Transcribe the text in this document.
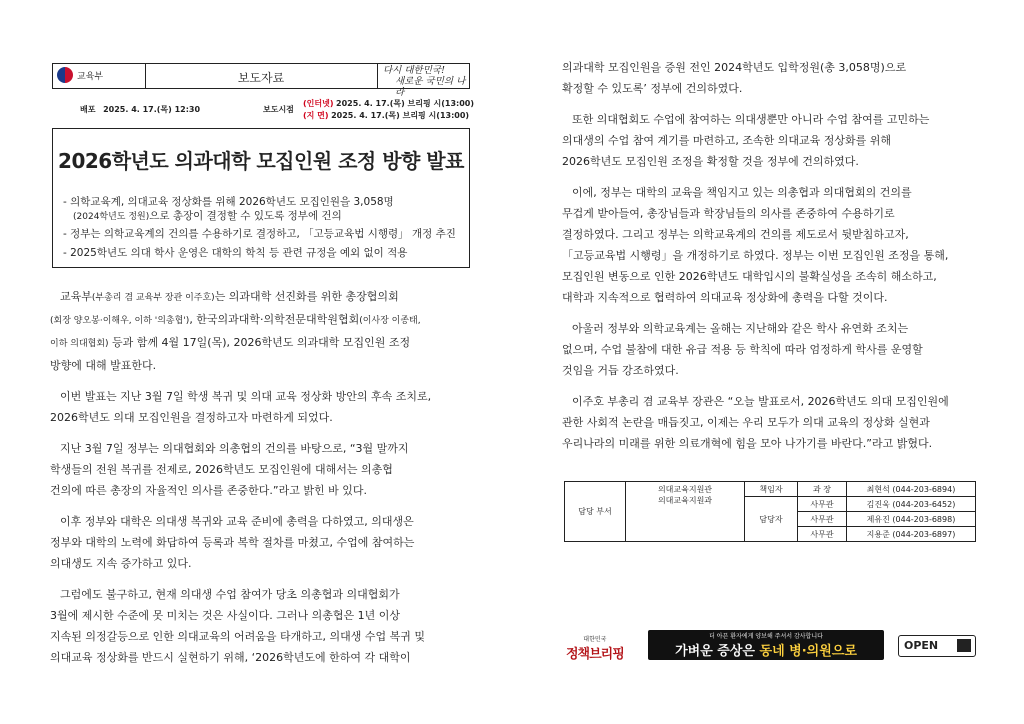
교육부	보도자료
다시 대한민국!
새로운 국민의 나라
배포 2025. 4. 17.(목) 12:30	보도시점
(인터넷) 2025. 4. 17.(목) 브리핑 시(13:00)
(지 면) 2025. 4. 17.(목) 브리핑 시(13:00)
2026학년도 의과대학 모집인원 조정 방향 발표
- 의학교육계, 의대교육 정상화를 위해 2026학년도 모집인원을 3,058명
(2024학년도 정원)으로 총장이 결정할 수 있도록 정부에 건의
- 정부는 의학교육계의 건의를 수용하기로 결정하고, 「고등교육법 시행령」 개정 추진
- 2025학년도 의대 학사 운영은 대학의 학칙 등 관련 규정을 예외 없이 적용
교육부(부총리 겸 교육부 장관 이주호)는 의과대학 선진화를 위한 총장협의회
(회장 양오봉·이해우, 이하 '의총협'), 한국의과대학·의학전문대학원협회(이사장 이종태,
이하 의대협회) 등과 함께 4월 17일(목), 2026학년도 의과대학 모집인원 조정
방향에 대해 발표한다.
이번 발표는 지난 3월 7일 학생 복귀 및 의대 교육 정상화 방안의 후속 조치로,
2026학년도 의대 모집인원을 결정하고자 마련하게 되었다.
지난 3월 7일 정부는 의대협회와 의총협의 건의를 바탕으로, “3월 말까지
학생들의 전원 복귀를 전제로, 2026학년도 모집인원에 대해서는 의총협
건의에 따른 총장의 자율적인 의사를 존중한다.”라고 밝힌 바 있다.
이후 정부와 대학은 의대생 복귀와 교육 준비에 총력을 다하였고, 의대생은
정부와 대학의 노력에 화답하여 등록과 복학 절차를 마쳤고, 수업에 참여하는
의대생도 지속 증가하고 있다.
그럼에도 불구하고, 현재 의대생 수업 참여가 당초 의총협과 의대협회가
3월에 제시한 수준에 못 미치는 것은 사실이다. 그러나 의총협은 1년 이상
지속된 의정갈등으로 인한 의대교육의 어려움을 타개하고, 의대생 수업 복귀 및
의대교육 정상화를 반드시 실현하기 위해, ‘2026학년도에 한하여 각 대학이
의과대학 모집인원을 증원 전인 2024학년도 입학정원(총 3,058명)으로
확정할 수 있도록’ 정부에 건의하였다.
또한 의대협회도 수업에 참여하는 의대생뿐만 아니라 수업 참여를 고민하는
의대생의 수업 참여 계기를 마련하고, 조속한 의대교육 정상화를 위해
2026학년도 모집인원 조정을 확정할 것을 정부에 건의하였다.
이에, 정부는 대학의 교육을 책임지고 있는 의총협과 의대협회의 건의를
무겁게 받아들여, 총장님들과 학장님들의 의사를 존중하여 수용하기로
결정하였다. 그리고 정부는 의학교육계의 건의를 제도로서 뒷받침하고자,
「고등교육법 시행령」을 개정하기로 하였다. 정부는 이번 모집인원 조정을 통해,
모집인원 변동으로 인한 2026학년도 대학입시의 불확실성을 조속히 해소하고,
대학과 지속적으로 협력하여 의대교육 정상화에 총력을 다할 것이다.
아울러 정부와 의학교육계는 올해는 지난해와 같은 학사 유연화 조치는
없으며, 수업 불참에 대한 유급 적용 등 학칙에 따라 엄정하게 학사를 운영할
것임을 거듭 강조하였다.
이주호 부총리 겸 교육부 장관은 “오늘 발표로서, 2026학년도 의대 모집인원에
관한 사회적 논란을 매듭짓고, 이제는 우리 모두가 의대 교육의 정상화 실현과
우리나라의 미래를 위한 의료개혁에 힘을 모아 나가기를 바란다.”라고 밝혔다.
담당 부서	의대교육지원관
의대교육지원과	책임자	과 장	최현석 (044-203-6894)
		담당자	사무관	김진욱 (044-203-6452)
			사무관	제유진 (044-203-6898)
			사무관	지용준 (044-203-6897)
대한민국
정책브리핑
더 아픈 환자에게 양보해 주셔서 감사합니다
가벼운 증상은 동네 병·의원으로	OPEN
